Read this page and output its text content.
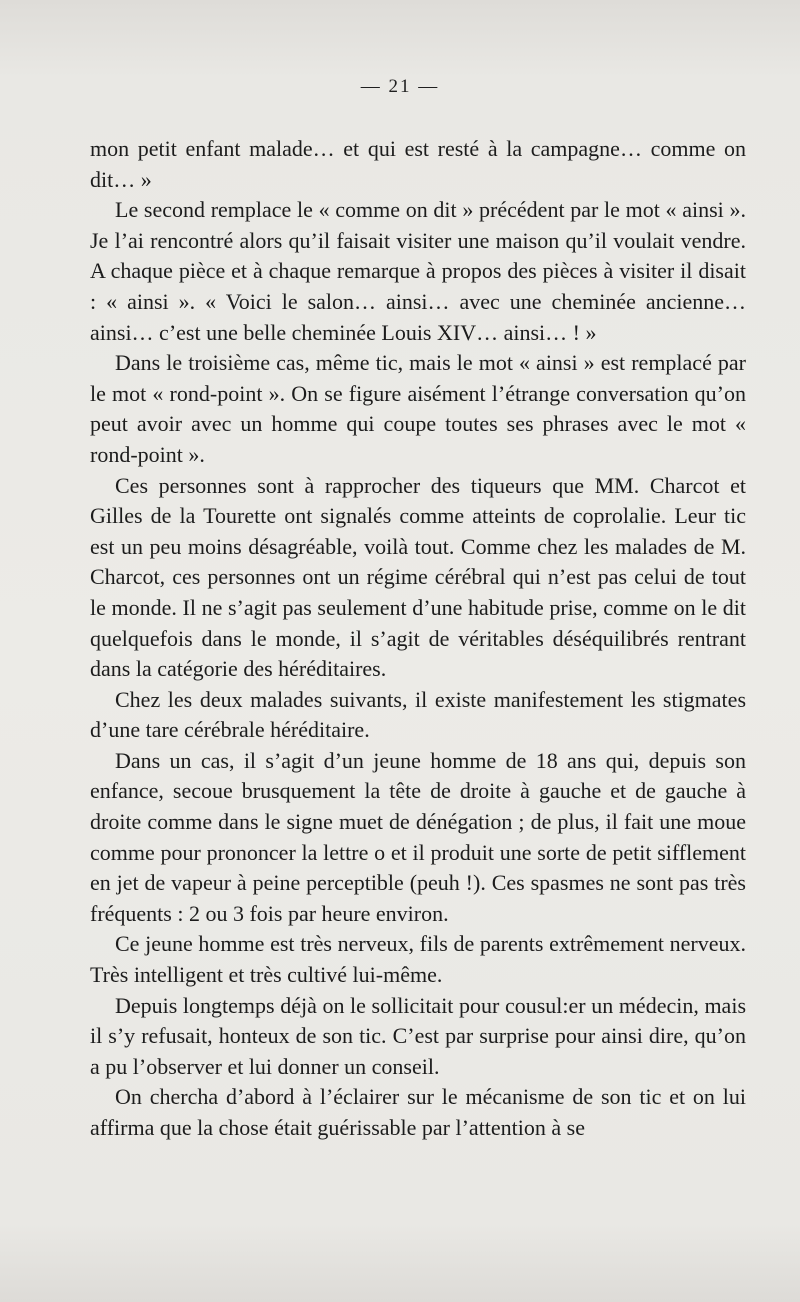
— 21 —

mon petit enfant malade… et qui est resté à la campagne… comme on dit… »

Le second remplace le « comme on dit » précédent par le mot « ainsi ». Je l’ai rencontré alors qu’il faisait visiter une maison qu’il voulait vendre. A chaque pièce et à chaque remarque à propos des pièces à visiter il disait : « ainsi ». « Voici le salon… ainsi… avec une cheminée ancienne… ainsi… c’est une belle cheminée Louis XIV… ainsi… ! »

Dans le troisième cas, même tic, mais le mot « ainsi » est remplacé par le mot « rond-point ». On se figure aisément l’étrange conversation qu’on peut avoir avec un homme qui coupe toutes ses phrases avec le mot « rond-point ».

Ces personnes sont à rapprocher des tiqueurs que MM. Charcot et Gilles de la Tourette ont signalés comme atteints de coprolalie. Leur tic est un peu moins désagréable, voilà tout. Comme chez les malades de M. Charcot, ces personnes ont un régime cérébral qui n’est pas celui de tout le monde. Il ne s’agit pas seulement d’une habitude prise, comme on le dit quelquefois dans le monde, il s’agit de véritables déséquilibrés rentrant dans la catégorie des héréditaires.

Chez les deux malades suivants, il existe manifestement les stigmates d’une tare cérébrale héréditaire.

Dans un cas, il s’agit d’un jeune homme de 18 ans qui, depuis son enfance, secoue brusquement la tête de droite à gauche et de gauche à droite comme dans le signe muet de dénégation ; de plus, il fait une moue comme pour prononcer la lettre o et il produit une sorte de petit sifflement en jet de vapeur à peine perceptible (peuh !). Ces spasmes ne sont pas très fréquents : 2 ou 3 fois par heure environ.

Ce jeune homme est très nerveux, fils de parents extrêmement nerveux. Très intelligent et très cultivé lui-même.

Depuis longtemps déjà on le sollicitait pour cousul:er un médecin, mais il s’y refusait, honteux de son tic. C’est par surprise pour ainsi dire, qu’on a pu l’observer et lui donner un conseil.

On chercha d’abord à l’éclairer sur le mécanisme de son tic et on lui affirma que la chose était guérissable par l’attention à se
